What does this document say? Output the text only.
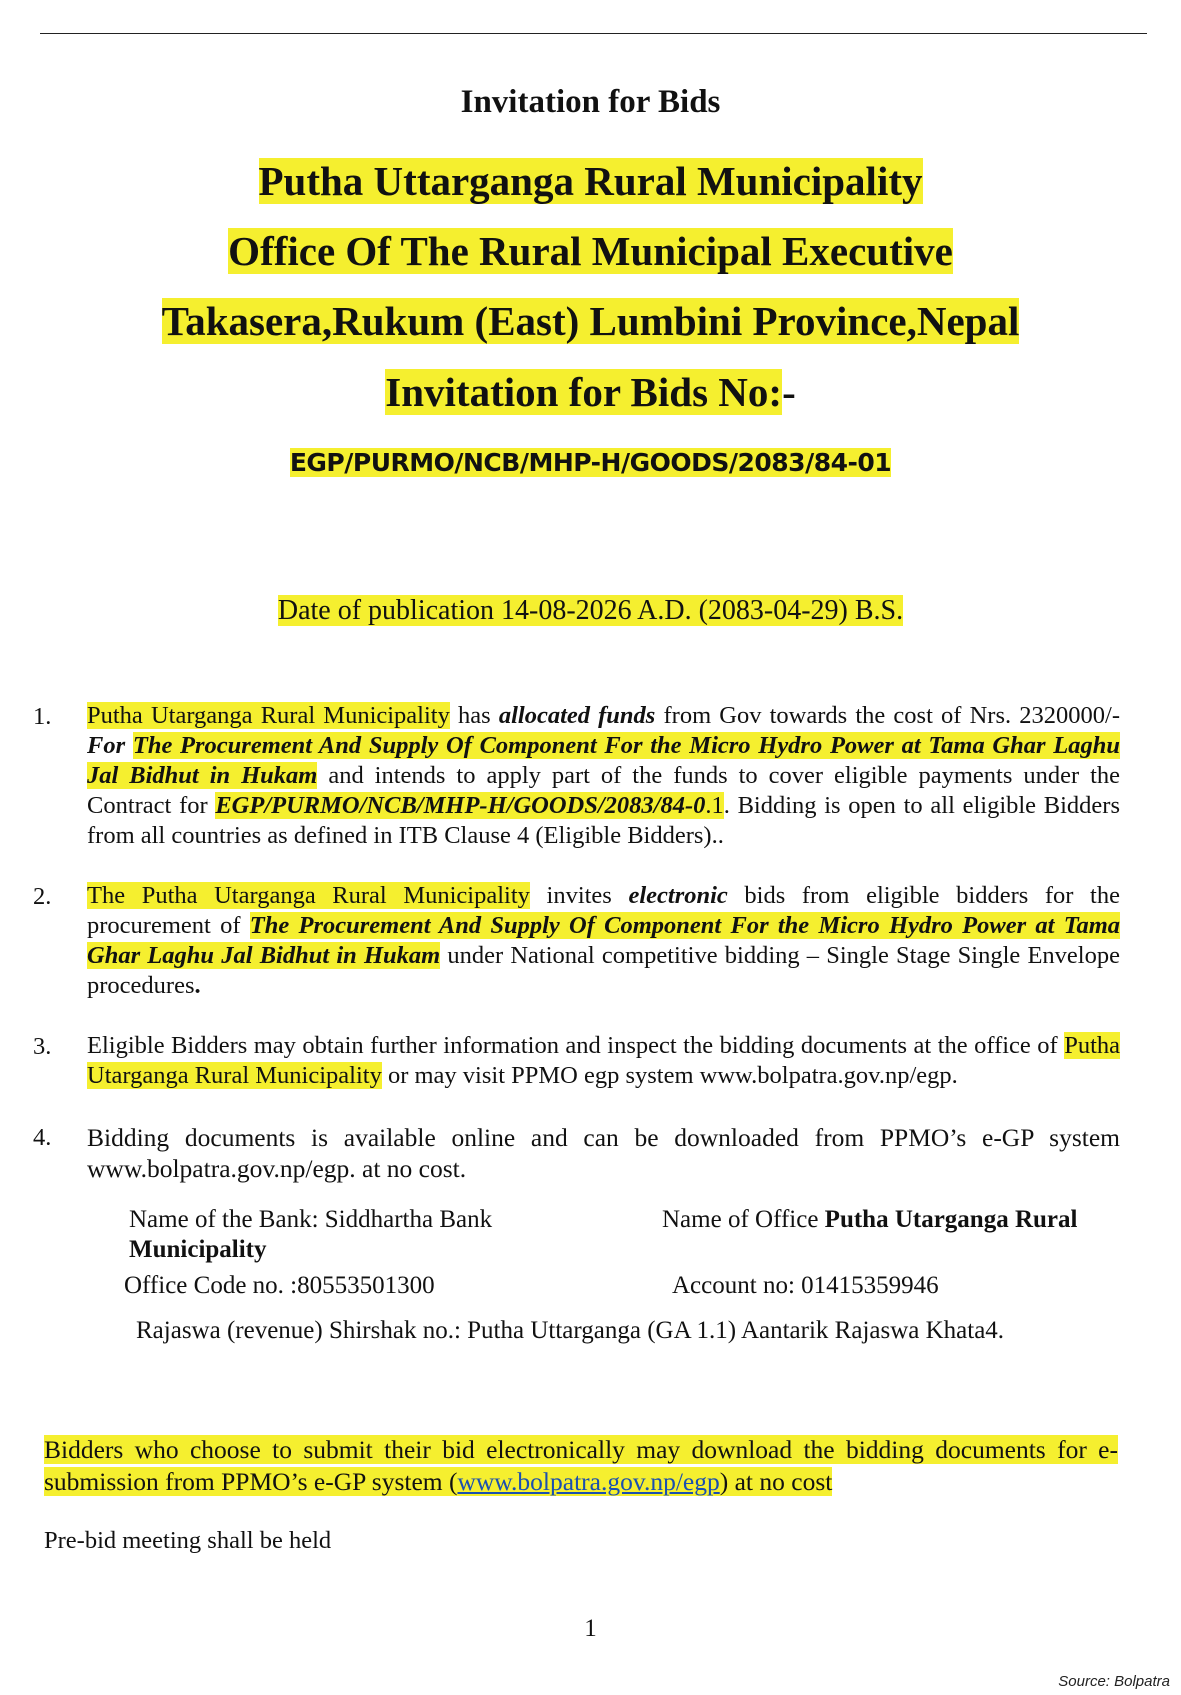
Invitation for Bids
Putha Uttarganga Rural Municipality
Office Of The Rural Municipal Executive
Takasera,Rukum (East) Lumbini Province,Nepal
Invitation for Bids No:-
EGP/PURMO/NCB/MHP-H/GOODS/2083/84-01
Date of publication 14-08-2026 A.D. (2083-04-29) B.S.
1. Putha Utarganga Rural Municipality has allocated funds from Gov towards the cost of Nrs. 2320000/-For The Procurement And Supply Of Component For the Micro Hydro Power at Tama Ghar Laghu Jal Bidhut in Hukam and intends to apply part of the funds to cover eligible payments under the Contract for EGP/PURMO/NCB/MHP-H/GOODS/2083/84-0.1. Bidding is open to all eligible Bidders from all countries as defined in ITB Clause 4 (Eligible Bidders)..
2. The Putha Utarganga Rural Municipality invites electronic bids from eligible bidders for the procurement of The Procurement And Supply Of Component For the Micro Hydro Power at Tama Ghar Laghu Jal Bidhut in Hukam under National competitive bidding – Single Stage Single Envelope procedures.
3. Eligible Bidders may obtain further information and inspect the bidding documents at the office of Putha Utarganga Rural Municipality or may visit PPMO egp system www.bolpatra.gov.np/egp.
4. Bidding documents is available online and can be downloaded from PPMO’s e-GP system www.bolpatra.gov.np/egp. at no cost.
Name of the Bank: Siddhartha Bank	Name of Office Putha Utarganga Rural
Municipality
Office Code no. :80553501300	Account no: 01415359946
Rajaswa (revenue) Shirshak no.: Putha Uttarganga (GA 1.1) Aantarik Rajaswa Khata4.
Bidders who choose to submit their bid electronically may download the bidding documents for e-submission from PPMO’s e-GP system (www.bolpatra.gov.np/egp) at no cost
Pre-bid meeting shall be held
1
Source: Bolpatra
